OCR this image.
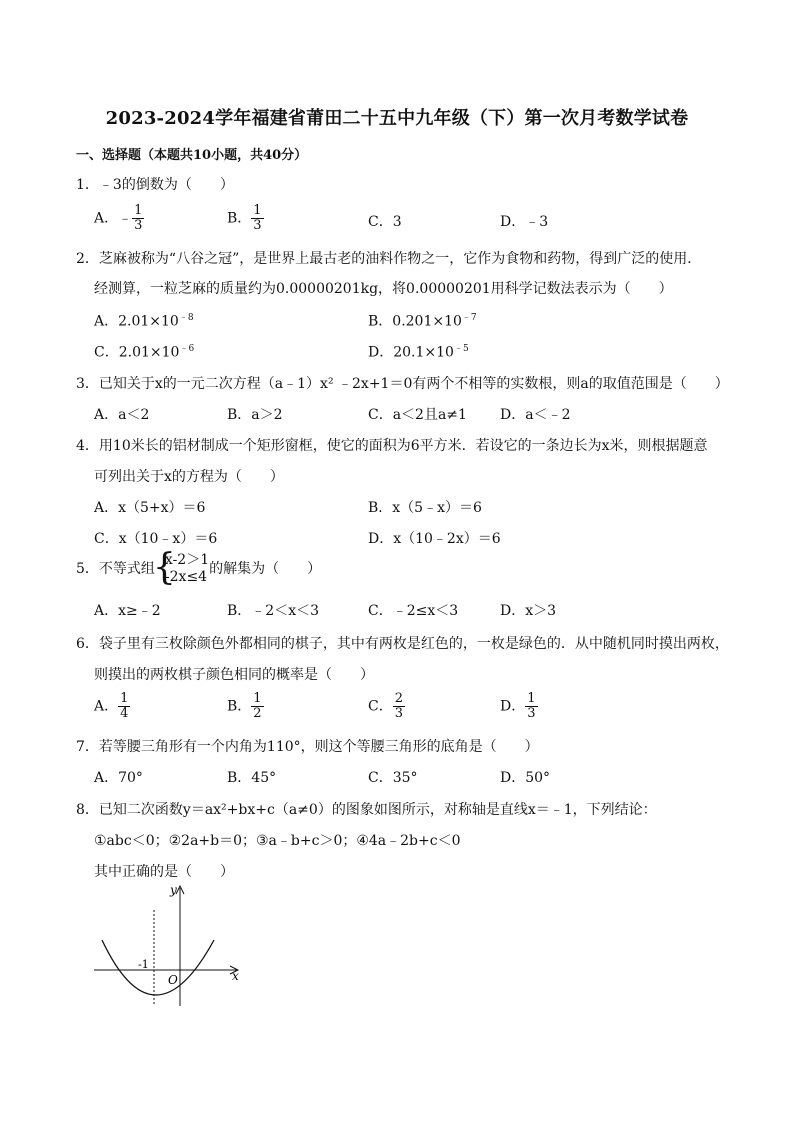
2023-2024学年福建省莆田二十五中九年级（下）第一次月考数学试卷
一、选择题（本题共10小题，共40分）
1．﹣3的倒数为（　　）
A．﹣ $\frac{1}{3}$	B． $\frac{1}{3}$	C．3	D．﹣3
2．芝麻被称为“八谷之冠”，是世界上最古老的油料作物之一，它作为食物和药物，得到广泛的使用．
经测算，一粒芝麻的质量约为0.00000201kg，将0.00000201用科学记数法表示为（　　）
A．$2.01\times 10^{﹣8}$	B．$0.201\times 10^{﹣7}$
C．$2.01\times 10^{﹣6}$	D．$20.1\times 10^{﹣5}$
3．已知关于x的一元二次方程（a﹣1）x² ﹣2x+1＝0有两个不相等的实数根，则a的取值范围是（　　）
A．a＜2	B．a＞2	C．a＜2且a≠1 D．a＜﹣2
4．用10米长的铝材制成一个矩形窗框，使它的面积为6平方米．若设它的一条边长为x米，则根据题意
可列出关于x的方程为（　　）
A．x（5+x）＝6	B．x（5﹣x）＝6
C．x（10﹣x）＝6	D．x（10﹣2x）＝6
5．不等式组
{
x-2＞1
-2x≤4 的解集为（　　）
A．x≥﹣2	B．﹣2＜x＜3	C．﹣2≤x＜3	D．x＞3
6．袋子里有三枚除颜色外都相同的棋子，其中有两枚是红色的，一枚是绿色的．从中随机同时摸出两枚，
则摸出的两枚棋子颜色相同的概率是（　　）
A． $\frac{1}{4}$	B． $\frac{1}{2}$	C． $\frac{2}{3}$	D． $\frac{1}{3}$
7．若等腰三角形有一个内角为110°，则这个等腰三角形的底角是（　　）
A．70°	B．45°	C．35°	D．50°
8．已知二次函数y＝ax²+bx+c（a≠0）的图象如图所示，对称轴是直线x＝﹣1，下列结论：
①abc＜0；②2a+b＝0；③a﹣b+c＞0；④4a﹣2b+c＜0
其中正确的是（　　）
x
y
O
-1
